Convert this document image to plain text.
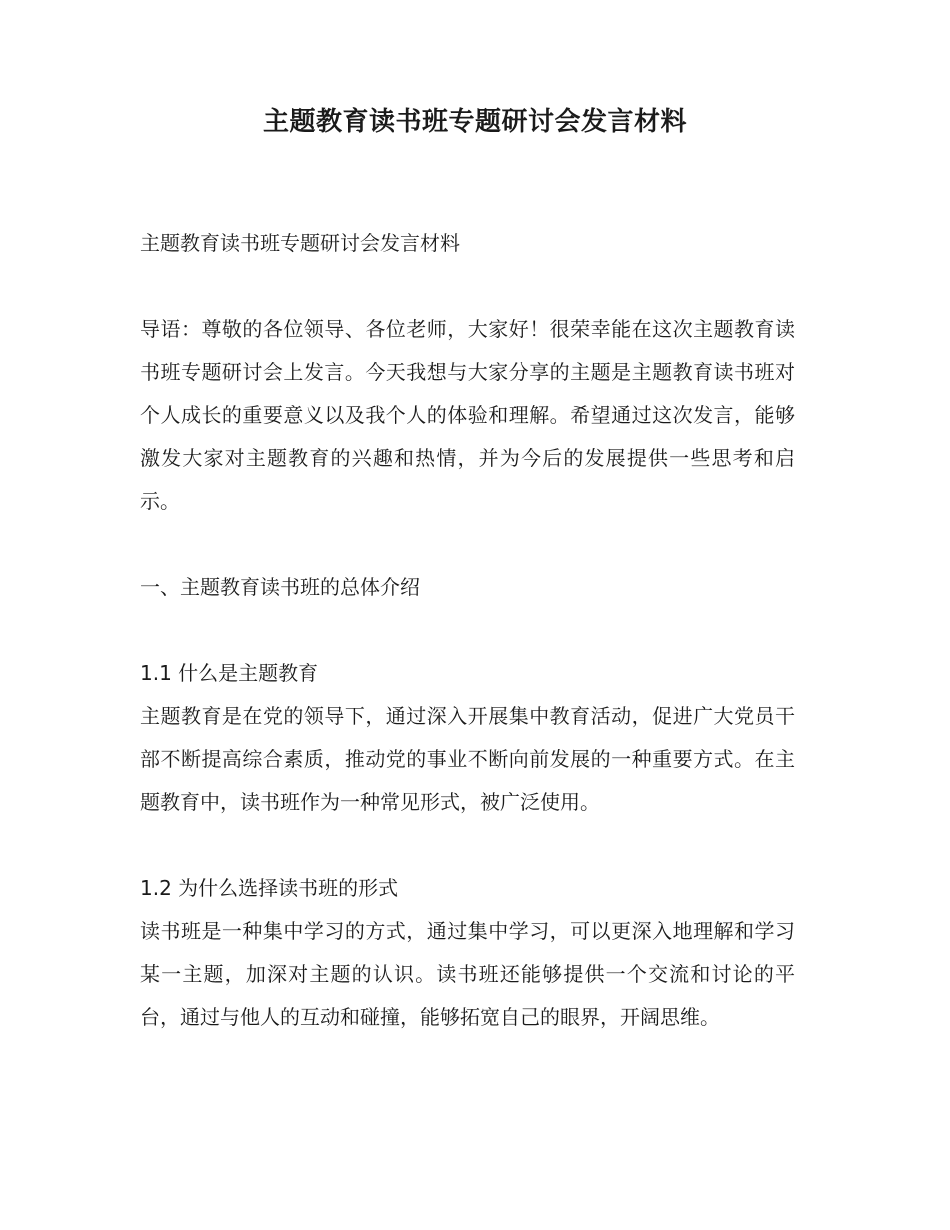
主题教育读书班专题研讨会发言材料

主题教育读书班专题研讨会发言材料

导语：尊敬的各位领导、各位老师，大家好！很荣幸能在这次主题教育读书班专题研讨会上发言。今天我想与大家分享的主题是主题教育读书班对个人成长的重要意义以及我个人的体验和理解。希望通过这次发言，能够激发大家对主题教育的兴趣和热情，并为今后的发展提供一些思考和启示。

一、主题教育读书班的总体介绍

1.1 什么是主题教育

主题教育是在党的领导下，通过深入开展集中教育活动，促进广大党员干部不断提高综合素质，推动党的事业不断向前发展的一种重要方式。在主题教育中，读书班作为一种常见形式，被广泛使用。

1.2 为什么选择读书班的形式

读书班是一种集中学习的方式，通过集中学习，可以更深入地理解和学习某一主题，加深对主题的认识。读书班还能够提供一个交流和讨论的平台，通过与他人的互动和碰撞，能够拓宽自己的眼界，开阔思维。
